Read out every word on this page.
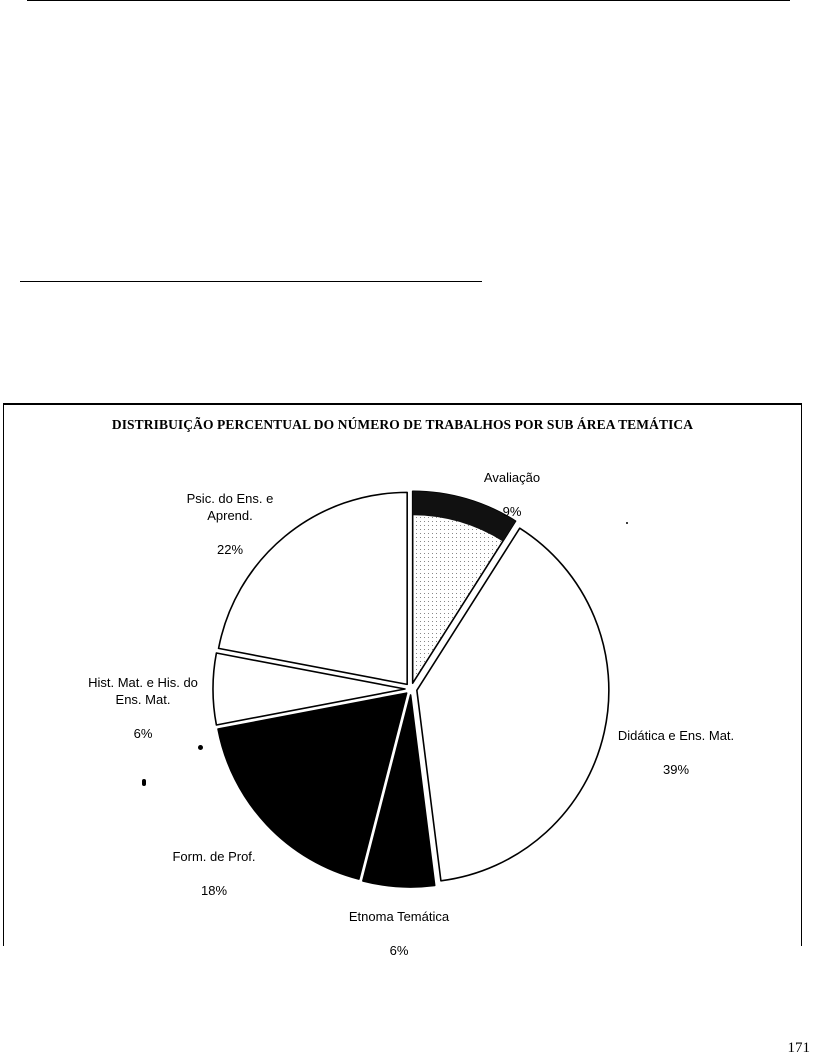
DISTRIBUIÇÃO PERCENTUAL DO NÚMERO DE TRABALHOS POR SUB ÁREA TEMÁTICA

Avaliação

9%

Didática e Ens. Mat.

39%

Etnoma Temática

6%

Form. de Prof.

18%

Hist. Mat. e His. do
Ens. Mat.

6%

Psic. do Ens. e
Aprend.

22%

171
